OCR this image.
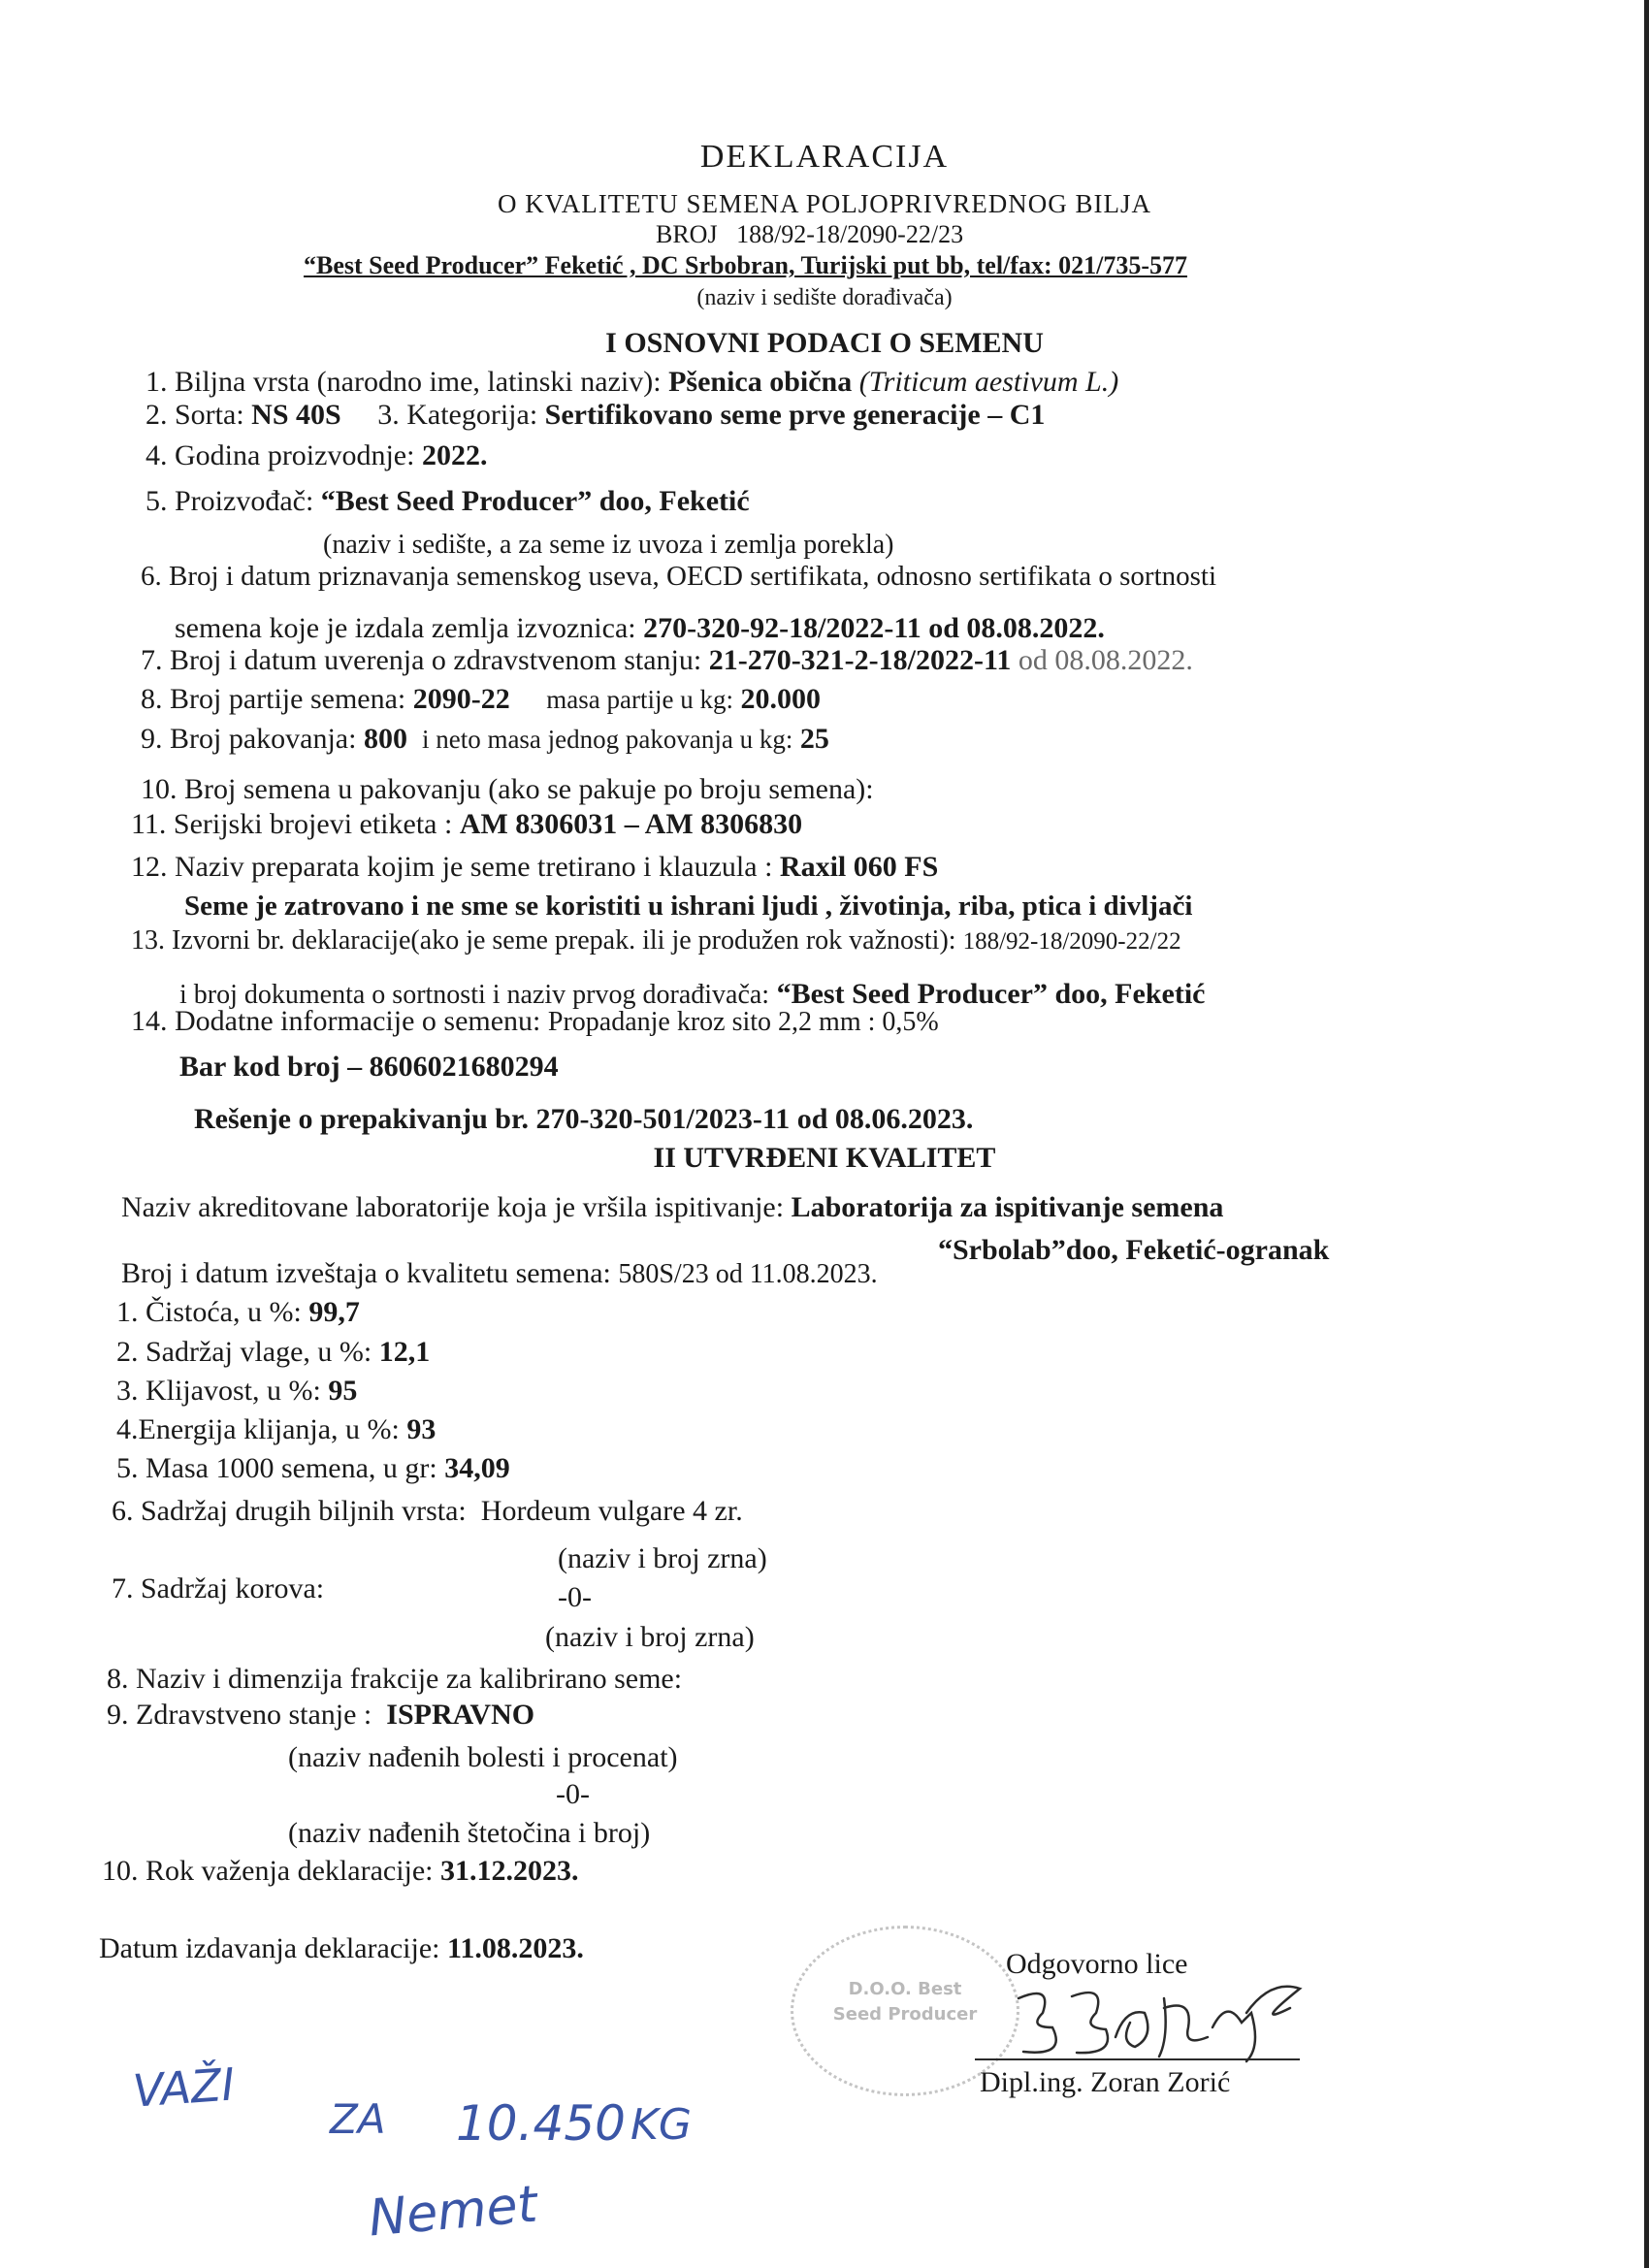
DEKLARACIJA
O KVALITETU SEMENA POLJOPRIVREDNOG BILJA
BROJ 188/92-18/2090-22/23
“Best Seed Producer” Feketić , DC Srbobran, Turijski put bb, tel/fax: 021/735-577
(naziv i sedište dorađivača)
I OSNOVNI PODACI O SEMENU
1. Biljna vrsta (narodno ime, latinski naziv): Pšenica obična (Triticum aestivum L.)
2. Sorta: NS 40S 3. Kategorija: Sertifikovano seme prve generacije – C1
4. Godina proizvodnje: 2022.
5. Proizvođač: “Best Seed Producer” doo, Feketić
(naziv i sedište, a za seme iz uvoza i zemlja porekla)
6. Broj i datum priznavanja semenskog useva, OECD sertifikata, odnosno sertifikata o sortnosti
semena koje je izdala zemlja izvoznica: 270-320-92-18/2022-11 od 08.08.2022.
7. Broj i datum uverenja o zdravstvenom stanju: 21-270-321-2-18/2022-11 od 08.08.2022.
8. Broj partije semena: 2090-22 masa partije u kg: 20.000
9. Broj pakovanja: 800 i neto masa jednog pakovanja u kg: 25
10. Broj semena u pakovanju (ako se pakuje po broju semena):
11. Serijski brojevi etiketa : AM 8306031 – AM 8306830
12. Naziv preparata kojim je seme tretirano i klauzula : Raxil 060 FS
Seme je zatrovano i ne sme se koristiti u ishrani ljudi , životinja, riba, ptica i divljači
13. Izvorni br. deklaracije(ako je seme prepak. ili je produžen rok važnosti): 188/92-18/2090-22/22
i broj dokumenta o sortnosti i naziv prvog dorađivača: “Best Seed Producer” doo, Feketić
14. Dodatne informacije o semenu: Propadanje kroz sito 2,2 mm : 0,5%
Bar kod broj – 8606021680294
Rešenje o prepakivanju br. 270-320-501/2023-11 od 08.06.2023.
II UTVRĐENI KVALITET
Naziv akreditovane laboratorije koja je vršila ispitivanje: Laboratorija za ispitivanje semena
“Srbolab”doo, Feketić-ogranak
Broj i datum izveštaja o kvalitetu semena: 580S/23 od 11.08.2023.
1. Čistoća, u %: 99,7
2. Sadržaj vlage, u %: 12,1
3. Klijavost, u %: 95
4.Energija klijanja, u %: 93
5. Masa 1000 semena, u gr: 34,09
6. Sadržaj drugih biljnih vrsta: Hordeum vulgare 4 zr.
(naziv i broj zrna)
7. Sadržaj korova:	-0-
(naziv i broj zrna)
8. Naziv i dimenzija frakcije za kalibrirano seme:
9. Zdravstveno stanje : ISPRAVNO
(naziv nađenih bolesti i procenat)
-0-
(naziv nađenih štetočina i broj)
10. Rok važenja deklaracije: 31.12.2023.
Datum izdavanja deklaracije: 11.08.2023.
D.O.O. Best Seed Producer
Odgovorno lice
Dipl.ing. Zoran Zorić
VAŽI
ZA 10.450 KG
Nemet
